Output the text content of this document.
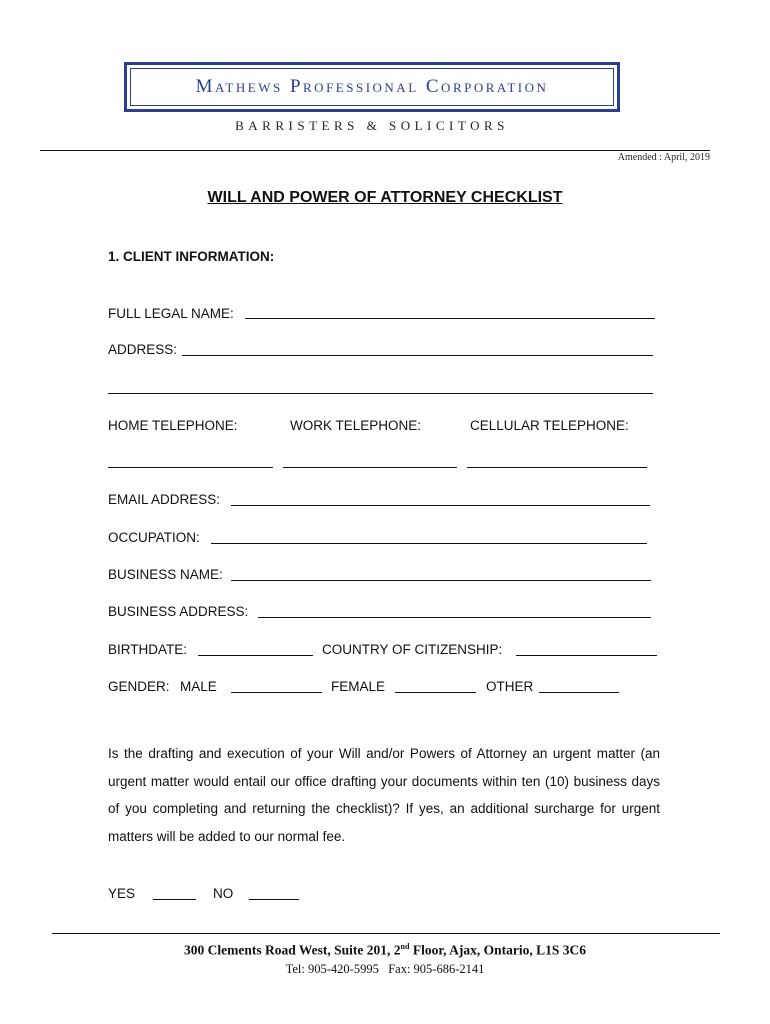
Mathews Professional Corporation
BARRISTERS & SOLICITORS
Amended : April, 2019
WILL AND POWER OF ATTORNEY CHECKLIST
1. CLIENT INFORMATION:
FULL LEGAL NAME:
ADDRESS:
HOME TELEPHONE:	WORK TELEPHONE:	CELLULAR TELEPHONE:
EMAIL ADDRESS:
OCCUPATION:
BUSINESS NAME:
BUSINESS ADDRESS:
BIRTHDATE:	COUNTRY OF CITIZENSHIP:
GENDER: MALE	FEMALE	OTHER
Is the drafting and execution of your Will and/or Powers of Attorney an urgent matter (an urgent matter would entail our office drafting your documents within ten (10) business days of you completing and returning the checklist)? If yes, an additional surcharge for urgent matters will be added to our normal fee.
YES	NO
300 Clements Road West, Suite 201, 2nd Floor, Ajax, Ontario, L1S 3C6
Tel: 905-420-5995   Fax: 905-686-2141
